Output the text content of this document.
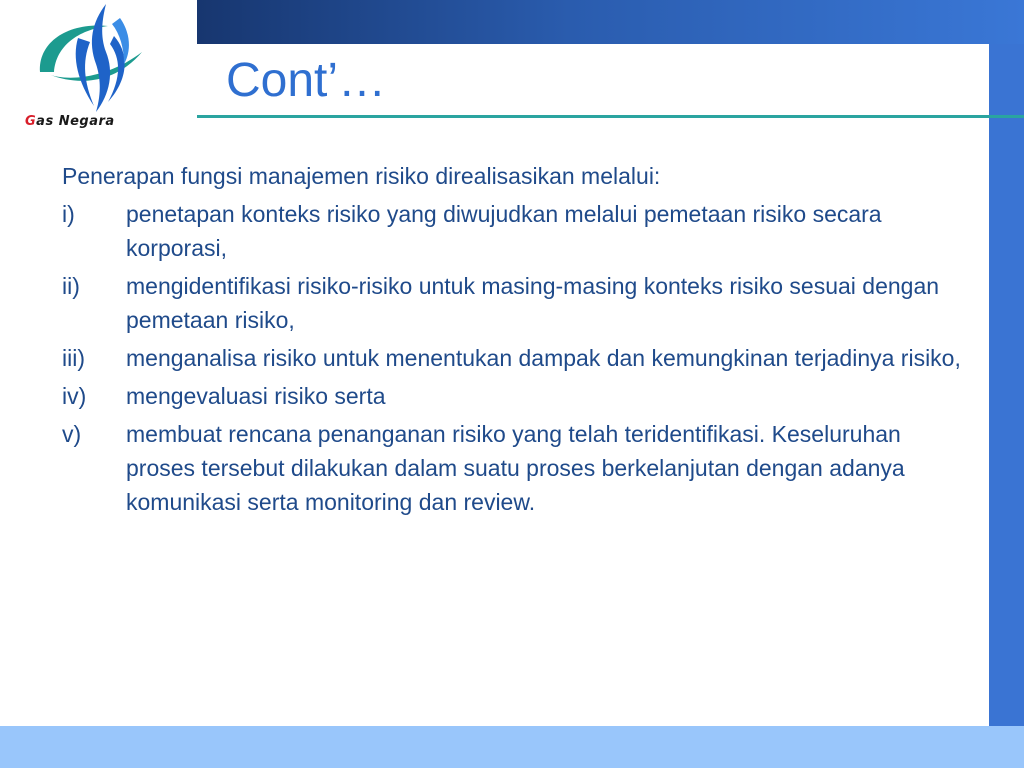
Gas Negara
Cont’…

Penerapan fungsi manajemen risiko direalisasikan melalui:

i)	penetapan konteks risiko yang diwujudkan melalui pemetaan risiko secara korporasi,
ii)	mengidentifikasi risiko-risiko untuk masing-masing konteks risiko sesuai dengan pemetaan risiko,
iii)	menganalisa risiko untuk menentukan dampak dan kemungkinan terjadinya risiko,
iv)	mengevaluasi risiko serta
v)	membuat rencana penanganan risiko yang telah teridentifikasi. Keseluruhan proses tersebut dilakukan dalam suatu proses berkelanjutan dengan adanya komunikasi serta monitoring dan review.
